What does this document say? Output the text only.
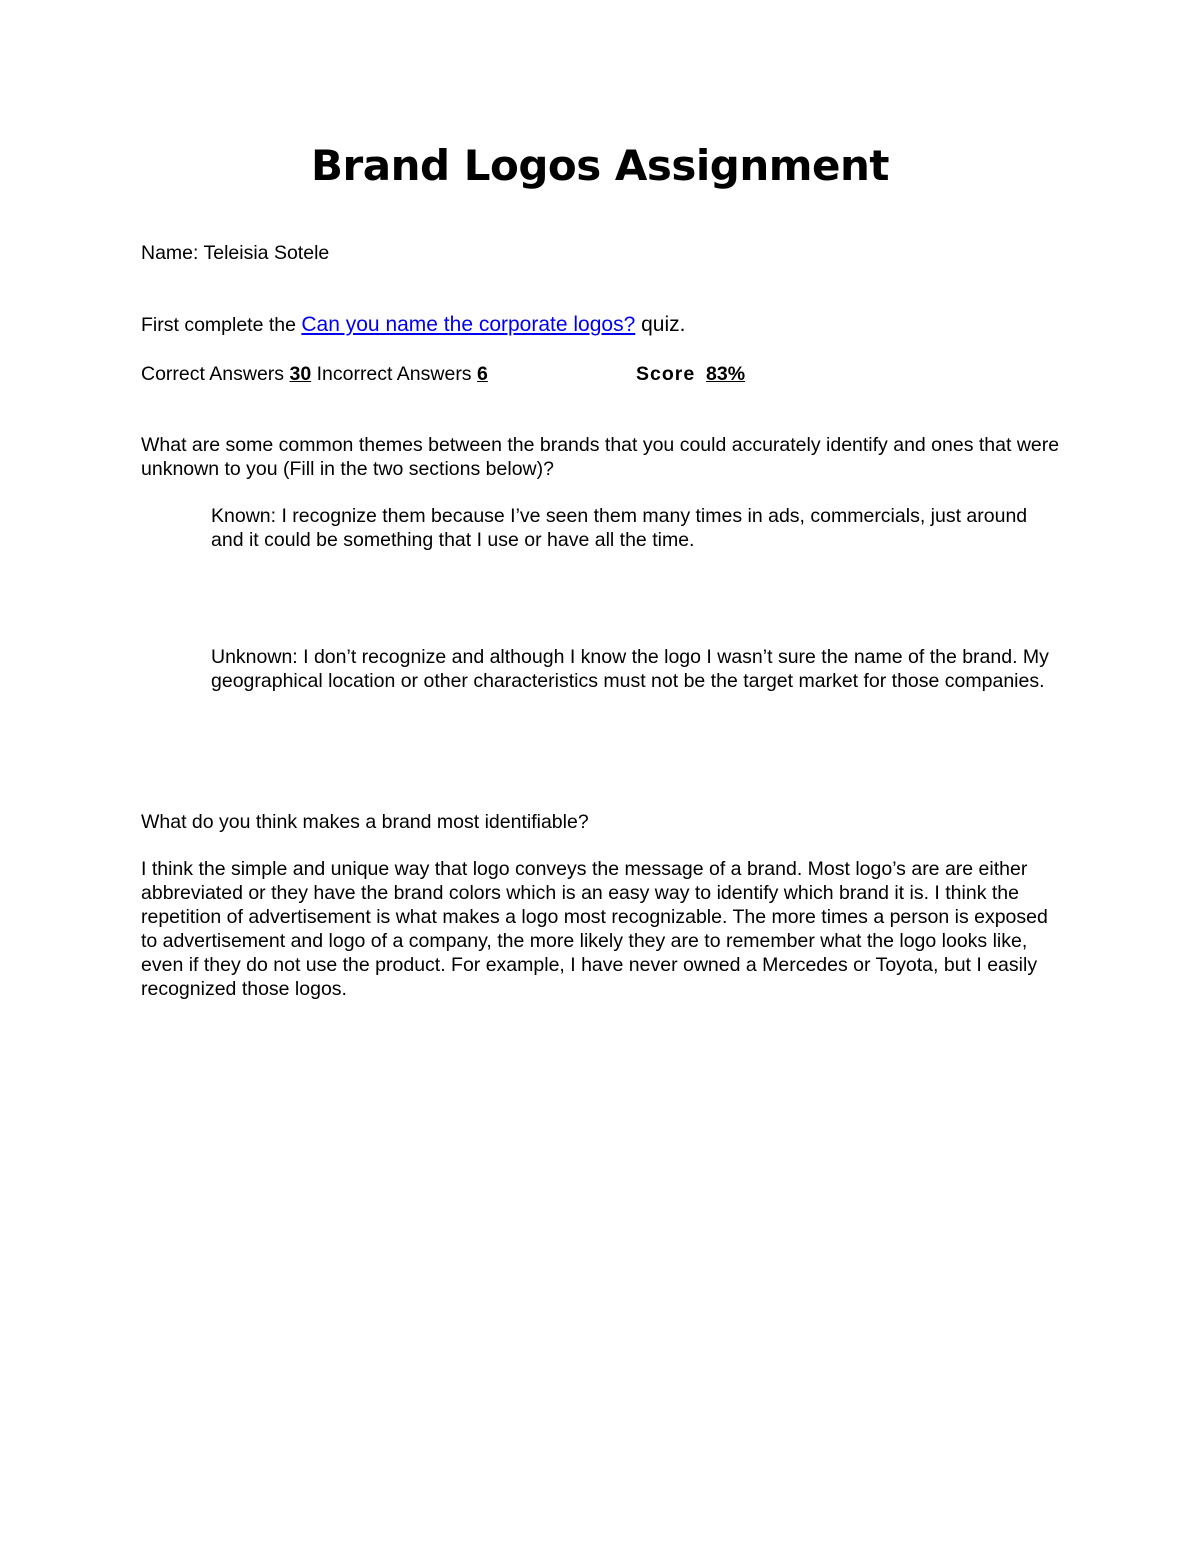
Brand Logos Assignment
Name: Teleisia Sotele
First complete the Can you name the corporate logos? quiz.
Correct Answers 30 Incorrect Answers 6	Score 83%
What are some common themes between the brands that you could accurately identify and ones that were unknown to you (Fill in the two sections below)?
Known: I recognize them because I’ve seen them many times in ads, commercials, just around and it could be something that I use or have all the time.
Unknown: I don’t recognize and although I know the logo I wasn’t sure the name of the brand. My geographical location or other characteristics must not be the target market for those companies.
What do you think makes a brand most identifiable?
I think the simple and unique way that logo conveys the message of a brand. Most logo’s are are either abbreviated or they have the brand colors which is an easy way to identify which brand it is. I think the repetition of advertisement is what makes a logo most recognizable. The more times a person is exposed to advertisement and logo of a company, the more likely they are to remember what the logo looks like, even if they do not use the product. For example, I have never owned a Mercedes or Toyota, but I easily recognized those logos.
